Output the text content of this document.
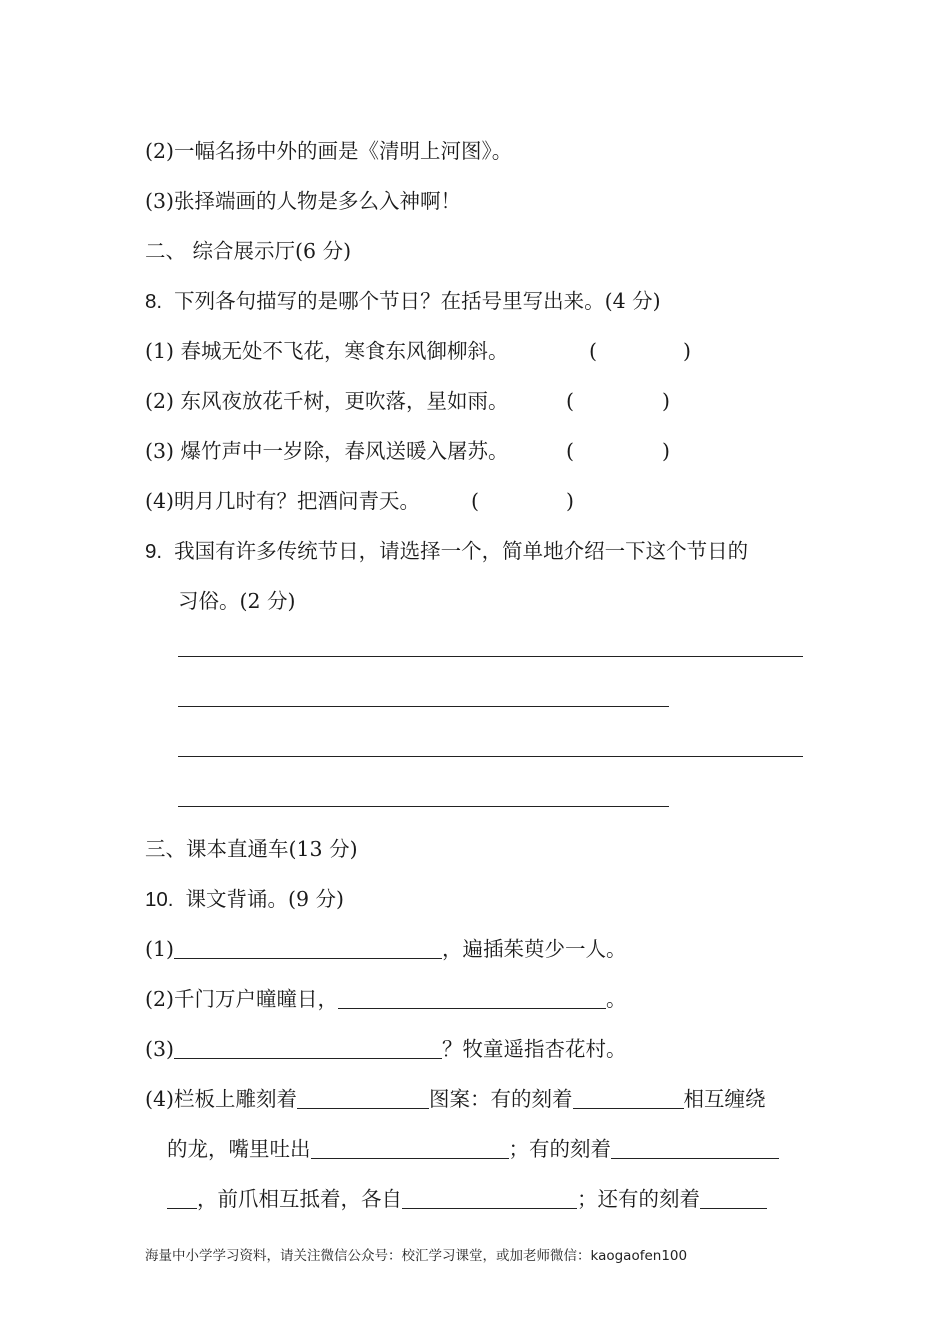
(2)一幅名扬中外的画是《清明上河图》。
(3)张择端画的人物是多么入神啊！
二、 综合展示厅(6 分)
8. 下列各句描写的是哪个节日？在括号里写出来。(4 分)
(1) 春城无处不飞花，寒食东风御柳斜。	(	)
(2) 东风夜放花千树，更吹落，星如雨。	(	)
(3) 爆竹声中一岁除，春风送暖入屠苏。	(	)
(4)明月几时有？把酒问青天。 (	)
9. 我国有许多传统节日，请选择一个，简单地介绍一下这个节日的
习俗。(2 分)
三、课本直通车(13 分)
10. 课文背诵。(9 分)
(1)	，遍插茱萸少一人。
(2)千门万户曈曈日，	。
(3)	？牧童遥指杏花村。
(4)栏板上雕刻着	图案：有的刻着	相互缠绕
的龙，嘴里吐出	；有的刻着
，前爪相互抵着，各自	；还有的刻着
海量中小学学习资料，请关注微信公众号：校汇学习课堂，或加老师微信：kaogaofen100
